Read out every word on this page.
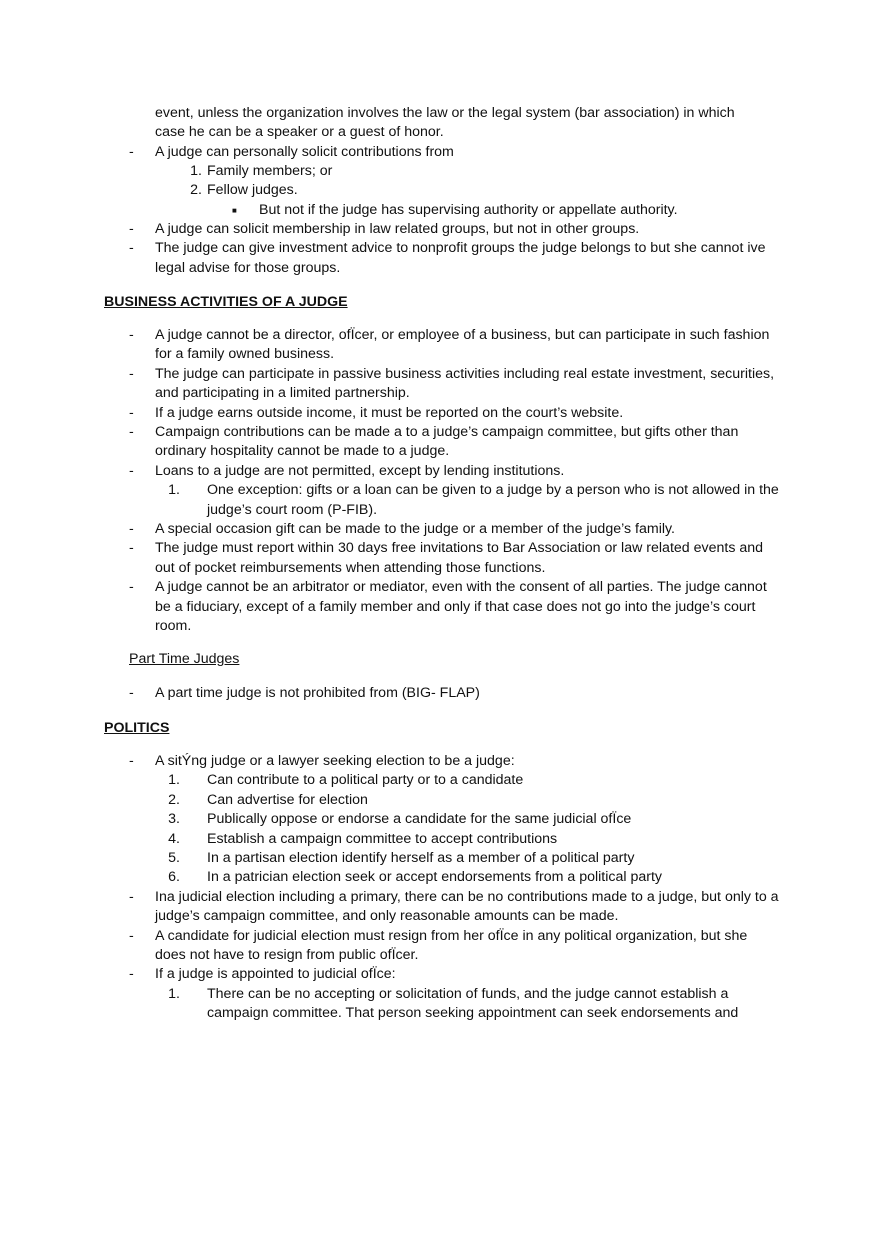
event, unless the organization involves the law or the legal system (bar association) in which case he can be a speaker or a guest of honor.
- A judge can personally solicit contributions from
1. Family members; or
2. Fellow judges.
■ But not if the judge has supervising authority or appellate authority.
- A judge can solicit membership in law related groups, but not in other groups.
- The judge can give investment advice to nonprofit groups the judge belongs to but she cannot ive legal advise for those groups.
BUSINESS ACTIVITIES OF A JUDGE
- A judge cannot be a director, ofÏcer, or employee of a business, but can participate in such fashion for a family owned business.
- The judge can participate in passive business activities including real estate investment, securities, and participating in a limited partnership.
- If a judge earns outside income, it must be reported on the court’s website.
- Campaign contributions can be made a to a judge’s campaign committee, but gifts other than ordinary hospitality cannot be made to a judge.
- Loans to a judge are not permitted, except by lending institutions.
1. One exception: gifts or a loan can be given to a judge by a person who is not allowed in the judge’s court room (P-FIB).
- A special occasion gift can be made to the judge or a member of the judge’s family.
- The judge must report within 30 days free invitations to Bar Association or law related events and out of pocket reimbursements when attending those functions.
- A judge cannot be an arbitrator or mediator, even with the consent of all parties. The judge cannot be a fiduciary, except of a family member and only if that case does not go into the judge’s court room.
Part Time Judges
- A part time judge is not prohibited from (BIG- FLAP)
POLITICS
- A sitÝng judge or a lawyer seeking election to be a judge:
1. Can contribute to a political party or to a candidate
2. Can advertise for election
3. Publically oppose or endorse a candidate for the same judicial ofÏce
4. Establish a campaign committee to accept contributions
5. In a partisan election identify herself as a member of a political party
6. In a patrician election seek or accept endorsements from a political party
- Ina judicial election including a primary, there can be no contributions made to a judge, but only to a judge’s campaign committee, and only reasonable amounts can be made.
- A candidate for judicial election must resign from her ofÏce in any political organization, but she does not have to resign from public ofÏcer.
- If a judge is appointed to judicial ofÏce:
1. There can be no accepting or solicitation of funds, and the judge cannot establish a campaign committee. That person seeking appointment can seek endorsements and
